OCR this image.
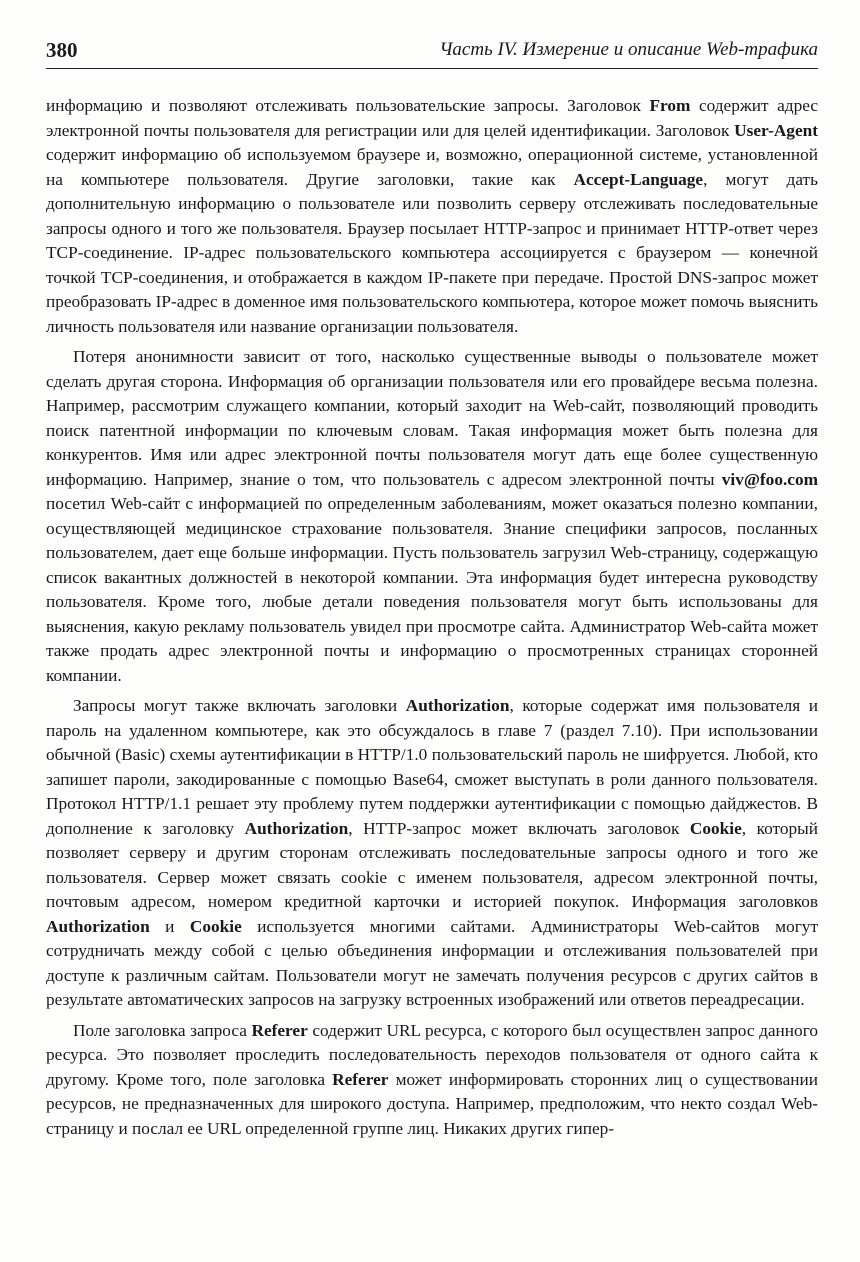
380	Часть IV. Измерение и описание Web-трафика

информацию и позволяют отслеживать пользовательские запросы. Заголовок From содержит адрес электронной почты пользователя для регистрации или для целей идентификации. Заголовок User-Agent содержит информацию об используемом браузере и, возможно, операционной системе, установленной на компьютере пользователя. Другие заголовки, такие как Accept-Language, могут дать дополнительную информацию о пользователе или позволить серверу отслеживать последовательные запросы одного и того же пользователя. Браузер посылает HTTP-запрос и принимает HTTP-ответ через TCP-соединение. IP-адрес пользовательского компьютера ассоциируется с браузером — конечной точкой TCP-соединения, и отображается в каждом IP-пакете при передаче. Простой DNS-запрос может преобразовать IP-адрес в доменное имя пользовательского компьютера, которое может помочь выяснить личность пользователя или название организации пользователя.

Потеря анонимности зависит от того, насколько существенные выводы о пользователе может сделать другая сторона. Информация об организации пользователя или его провайдере весьма полезна. Например, рассмотрим служащего компании, который заходит на Web-сайт, позволяющий проводить поиск патентной информации по ключевым словам. Такая информация может быть полезна для конкурентов. Имя или адрес электронной почты пользователя могут дать еще более существенную информацию. Например, знание о том, что пользователь с адресом электронной почты viv@foo.com посетил Web-сайт с информацией по определенным заболеваниям, может оказаться полезно компании, осуществляющей медицинское страхование пользователя. Знание специфики запросов, посланных пользователем, дает еще больше информации. Пусть пользователь загрузил Web-страницу, содержащую список вакантных должностей в некоторой компании. Эта информация будет интересна руководству пользователя. Кроме того, любые детали поведения пользователя могут быть использованы для выяснения, какую рекламу пользователь увидел при просмотре сайта. Администратор Web-сайта может также продать адрес электронной почты и информацию о просмотренных страницах сторонней компании.

Запросы могут также включать заголовки Authorization, которые содержат имя пользователя и пароль на удаленном компьютере, как это обсуждалось в главе 7 (раздел 7.10). При использовании обычной (Basic) схемы аутентификации в HTTP/1.0 пользовательский пароль не шифруется. Любой, кто запишет пароли, закодированные с помощью Base64, сможет выступать в роли данного пользователя. Протокол HTTP/1.1 решает эту проблему путем поддержки аутентификации с помощью дайджестов. В дополнение к заголовку Authorization, HTTP-запрос может включать заголовок Cookie, который позволяет серверу и другим сторонам отслеживать последовательные запросы одного и того же пользователя. Сервер может связать cookie с именем пользователя, адресом электронной почты, почтовым адресом, номером кредитной карточки и историей покупок. Информация заголовков Authorization и Cookie используется многими сайтами. Администраторы Web-сайтов могут сотрудничать между собой с целью объединения информации и отслеживания пользователей при доступе к различным сайтам. Пользователи могут не замечать получения ресурсов с других сайтов в результате автоматических запросов на загрузку встроенных изображений или ответов переадресации.

Поле заголовка запроса Referer содержит URL ресурса, с которого был осуществлен запрос данного ресурса. Это позволяет проследить последовательность переходов пользователя от одного сайта к другому. Кроме того, поле заголовка Referer может информировать сторонних лиц о существовании ресурсов, не предназначенных для широкого доступа. Например, предположим, что некто создал Web-страницу и послал ее URL определенной группе лиц. Никаких других гипер-
